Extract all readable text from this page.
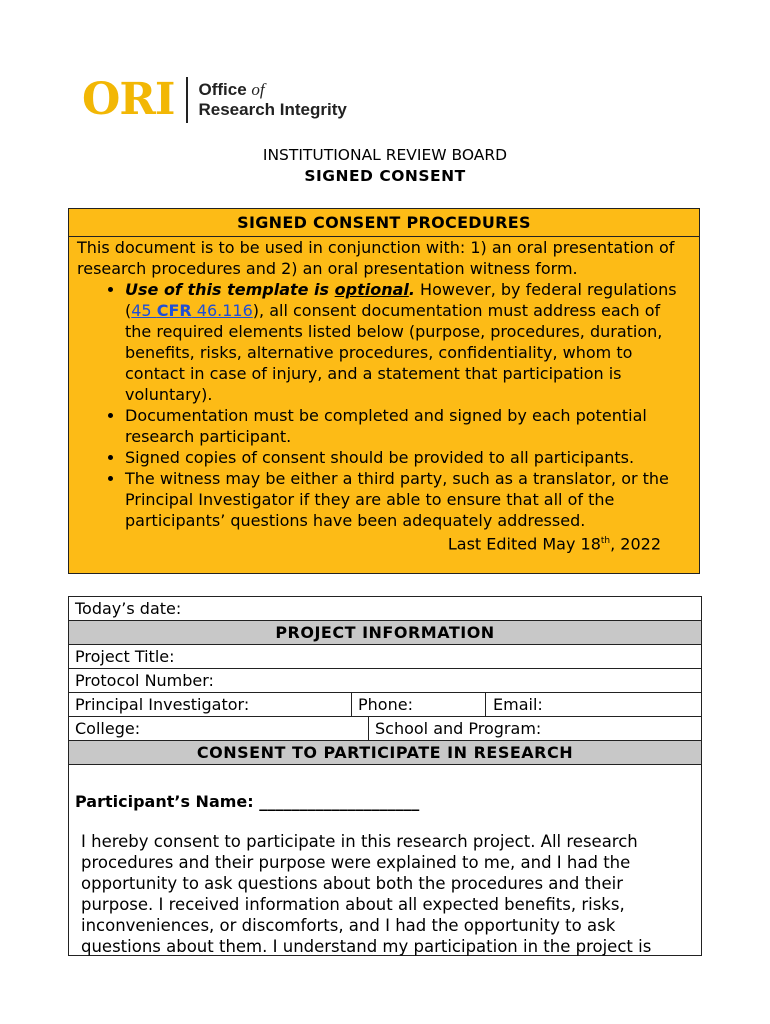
ORI Office of
Research Integrity
INSTITUTIONAL REVIEW BOARD
SIGNED CONSENT
SIGNED CONSENT PROCEDURES
This document is to be used in conjunction with: 1) an oral presentation of research procedures and 2) an oral presentation witness form.
• Use of this template is optional. However, by federal regulations (45 CFR 46.116), all consent documentation must address each of the required elements listed below (purpose, procedures, duration, benefits, risks, alternative procedures, confidentiality, whom to contact in case of injury, and a statement that participation is voluntary).
• Documentation must be completed and signed by each potential research participant.
• Signed copies of consent should be provided to all participants.
• The witness may be either a third party, such as a translator, or the Principal Investigator if they are able to ensure that all of the participants’ questions have been adequately addressed.
Last Edited May 18th, 2022
Today’s date:
PROJECT INFORMATION
Project Title:
Protocol Number:
Principal Investigator:	Phone:	Email:
College:	School and Program:
CONSENT TO PARTICIPATE IN RESEARCH
Participant’s Name: ____________________
I hereby consent to participate in this research project. All research procedures and their purpose were explained to me, and I had the opportunity to ask questions about both the procedures and their purpose. I received information about all expected benefits, risks, inconveniences, or discomforts, and I had the opportunity to ask questions about them. I understand my participation in the project is
